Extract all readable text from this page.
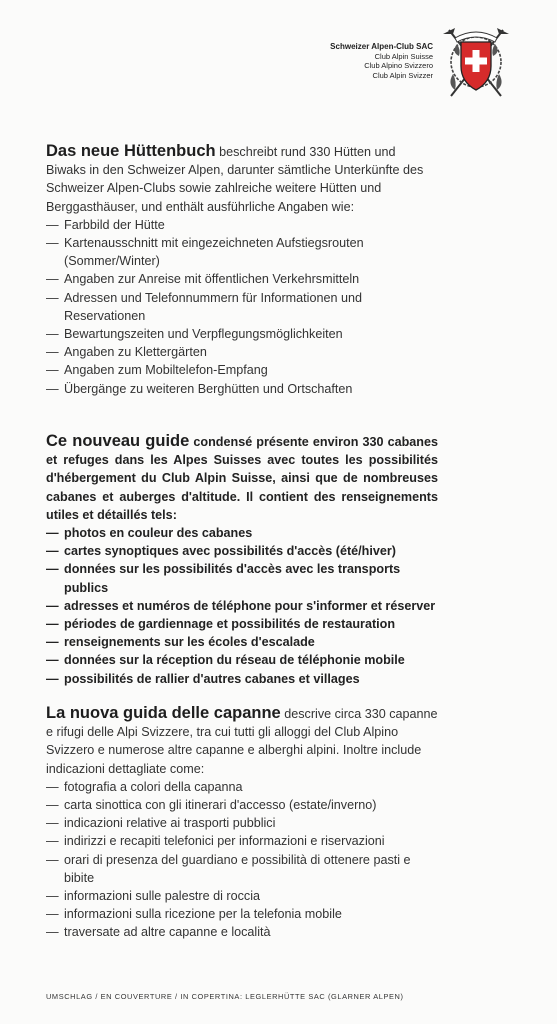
Schweizer Alpen-Club SAC
Club Alpin Suisse
Club Alpino Svizzero
Club Alpin Svizzer

Das neue Hüttenbuch beschreibt rund 330 Hütten und Biwaks in den Schweizer Alpen, darunter sämtliche Unterkünfte des Schweizer Alpen-Clubs sowie zahlreiche weitere Hütten und Berggasthäuser, und enthält ausführliche Angaben wie:

— Farbbild der Hütte
— Kartenausschnitt mit eingezeichneten Aufstiegsrouten (Sommer/Winter)
— Angaben zur Anreise mit öffentlichen Verkehrsmitteln
— Adressen und Telefonnummern für Informationen und Reservationen
— Bewartungszeiten und Verpflegungsmöglichkeiten
— Angaben zu Klettergärten
— Angaben zum Mobiltelefon-Empfang
— Übergänge zu weiteren Berghütten und Ortschaften

Ce nouveau guide condensé présente environ 330 cabanes et refuges dans les Alpes Suisses avec toutes les possibilités d'hébergement du Club Alpin Suisse, ainsi que de nombreuses cabanes et auberges d'altitude. Il contient des renseignements utiles et détaillés tels:

— photos en couleur des cabanes
— cartes synoptiques avec possibilités d'accès (été/hiver)
— données sur les possibilités d'accès avec les transports publics
— adresses et numéros de téléphone pour s'informer et réserver
— périodes de gardiennage et possibilités de restauration
— renseignements sur les écoles d'escalade
— données sur la réception du réseau de téléphonie mobile
— possibilités de rallier d'autres cabanes et villages

La nuova guida delle capanne descrive circa 330 capanne e rifugi delle Alpi Svizzere, tra cui tutti gli alloggi del Club Alpino Svizzero e numerose altre capanne e alberghi alpini. Inoltre include indicazioni dettagliate come:

— fotografia a colori della capanna
— carta sinottica con gli itinerari d'accesso (estate/inverno)
— indicazioni relative ai trasporti pubblici
— indirizzi e recapiti telefonici per informazioni e riservazioni
— orari di presenza del guardiano e possibilità di ottenere pasti e bibite
— informazioni sulle palestre di roccia
— informazioni sulla ricezione per la telefonia mobile
— traversate ad altre capanne e località
UMSCHLAG / EN COUVERTURE / IN COPERTINA: LEGLERHÜTTE SAC (GLARNER ALPEN)
